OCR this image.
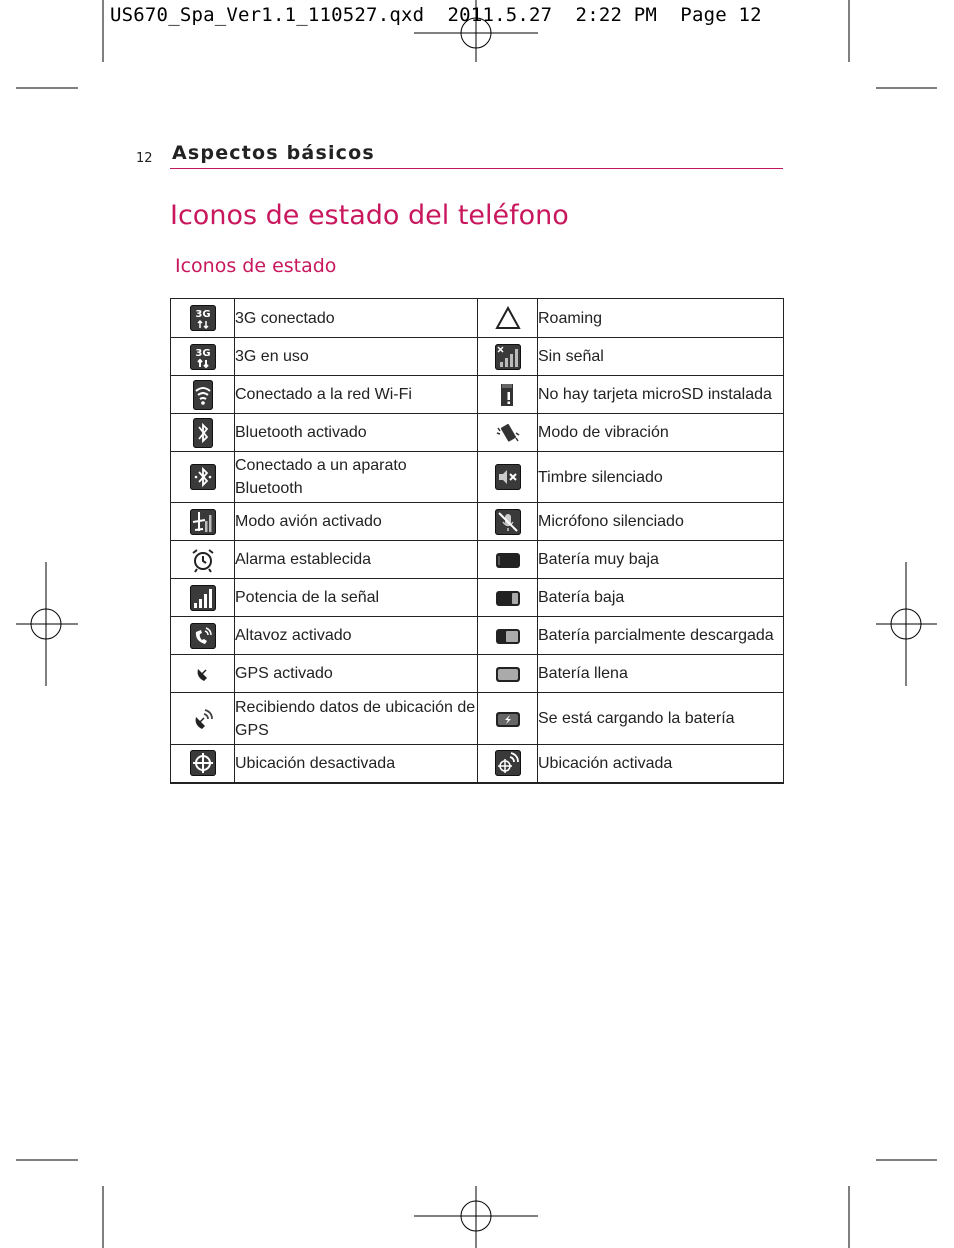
US670_Spa_Ver1.1_110527.qxd  2011.5.27  2:22 PM  Page 12
12 Aspectos básicos
Iconos de estado del teléfono
Iconos de estado
3G	3G conectado		Roaming

3G	3G en uso		Sin señal

	Conectado a la red Wi-Fi		No hay tarjeta microSD instalada

	Bluetooth activado		Modo de vibración

	Conectado a un aparato Bluetooth		Timbre silenciado

	Modo avión activado		Micrófono silenciado

	Alarma establecida		Batería muy baja

	Potencia de la señal		Batería baja

	Altavoz activado		Batería parcialmente descargada

	GPS activado		Batería llena

	Recibiendo datos de ubicación de GPS		Se está cargando la batería

	Ubicación desactivada		Ubicación activada
